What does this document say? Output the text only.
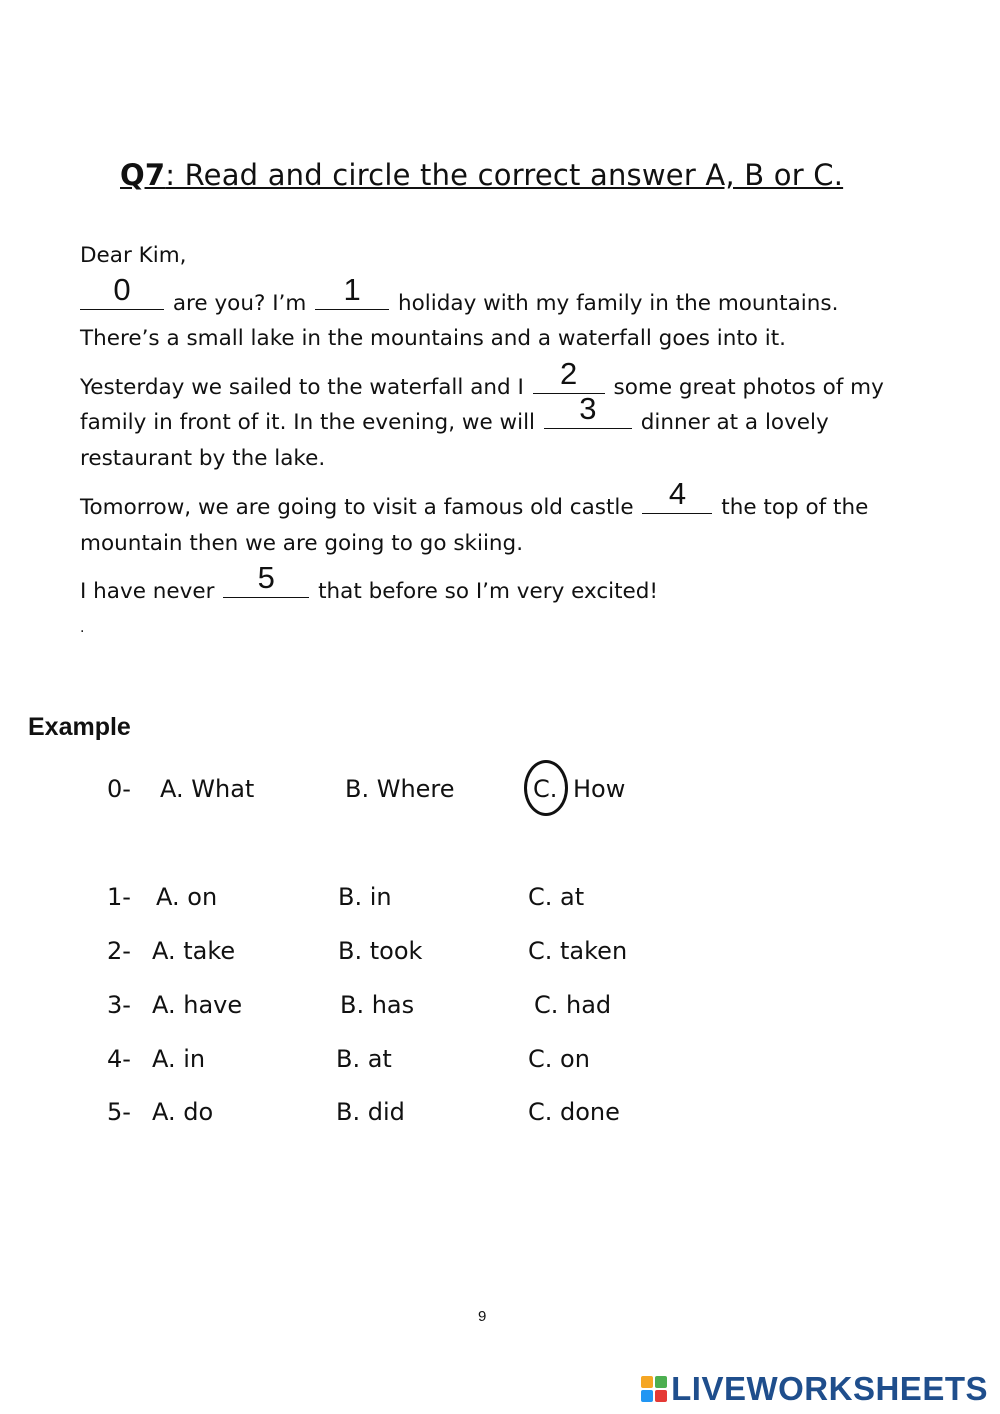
Q7: Read and circle the correct answer A, B or C.
Dear Kim,
0	are you? I’m	1	holiday with my family in the mountains.
There’s a small lake in the mountains and a waterfall goes into it.
Yesterday we sailed to the waterfall and I	2	some great photos of my
family in front of it. In the evening, we will	3	dinner at a lovely
restaurant by the lake.
Tomorrow, we are going to visit a famous old castle	4	the top of the
mountain then we are going to go skiing.
I have never	5	that before so I’m very excited!
.
Example
0- A. What	B. Where	C. How
1- A. on	B. in	C. at
2- A. take	B. took	C. taken
3- A. have	B. has	C. had
4- A. in	B. at	C. on
5- A. do	B. did	C. done
9
LIVEWORKSHEETS
